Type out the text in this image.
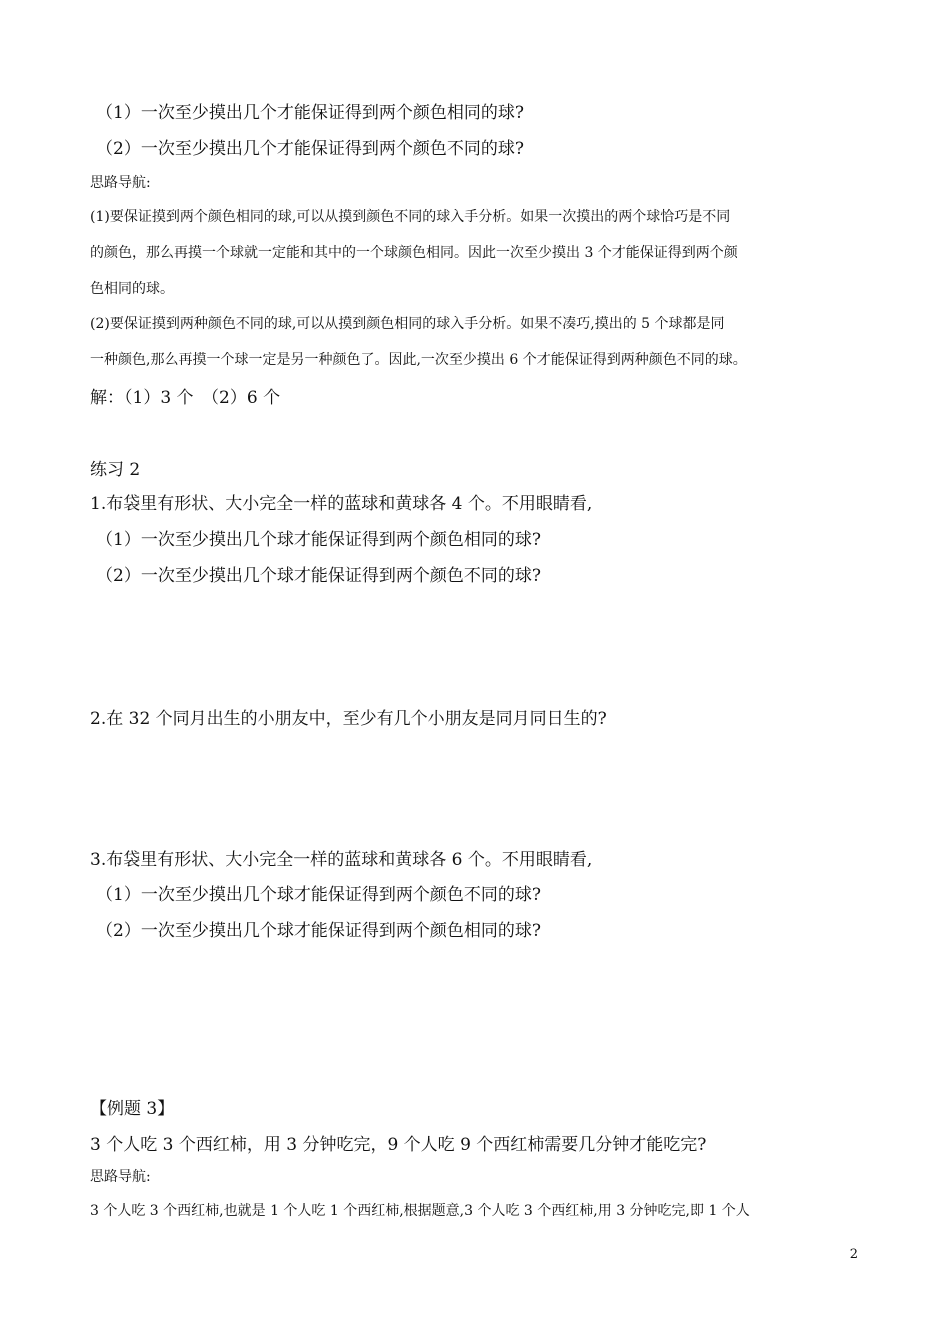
（1）一次至少摸出几个才能保证得到两个颜色相同的球?
（2）一次至少摸出几个才能保证得到两个颜色不同的球?
思路导航:
(1)要保证摸到两个颜色相同的球,可以从摸到颜色不同的球入手分析。如果一次摸出的两个球恰巧是不同
的颜色，那么再摸一个球就一定能和其中的一个球颜色相同。因此一次至少摸出 3 个才能保证得到两个颜
色相同的球。
(2)要保证摸到两种颜色不同的球,可以从摸到颜色相同的球入手分析。如果不凑巧,摸出的 5 个球都是同
一种颜色,那么再摸一个球一定是另一种颜色了。因此,一次至少摸出 6 个才能保证得到两种颜色不同的球。
解：（1）3 个　（2）6 个
练习 2
1.布袋里有形状、大小完全一样的蓝球和黄球各 4 个。不用眼睛看,
（1）一次至少摸出几个球才能保证得到两个颜色相同的球?
（2）一次至少摸出几个球才能保证得到两个颜色不同的球?
2.在 32 个同月出生的小朋友中，至少有几个小朋友是同月同日生的?
3.布袋里有形状、大小完全一样的蓝球和黄球各 6 个。不用眼睛看,
（1）一次至少摸出几个球才能保证得到两个颜色不同的球?
（2）一次至少摸出几个球才能保证得到两个颜色相同的球?
【例题 3】
3 个人吃 3 个西红柿，用 3 分钟吃完，9 个人吃 9 个西红柿需要几分钟才能吃完?
思路导航:
3 个人吃 3 个西红柿,也就是 1 个人吃 1 个西红柿,根据题意,3 个人吃 3 个西红柿,用 3 分钟吃完,即 1 个人
2
